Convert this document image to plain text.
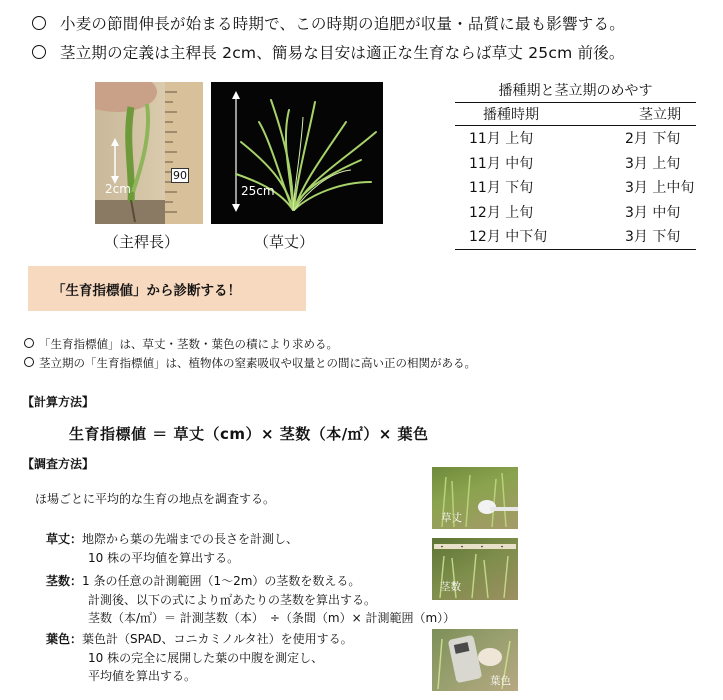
小麦の節間伸長が始まる時期で、この時期の追肥が収量・品質に最も影響する。
茎立期の定義は主稈長 2cm、簡易な目安は適正な生育ならば草丈 25cm 前後。
2cm
90
25cm
（主稈長）	（草丈）
播種期と茎立期のめやす
播種時期	茎立期
11月 上旬	2月 下旬
11月 中旬	3月 上旬
11月 下旬	3月 上中旬
12月 上旬	3月 中旬
12月 中下旬	3月 下旬
「生育指標値」から診断する！
「生育指標値」は、草丈・茎数・葉色の積により求める。
茎立期の「生育指標値」は、植物体の窒素吸収や収量との間に高い正の相関がある。
【計算方法】
生育指標値 ＝ 草丈（cm）× 茎数（本/㎡）× 葉色
【調査方法】
ほ場ごとに平均的な生育の地点を調査する。
草丈：地際から葉の先端までの長さを計測し、
10 株の平均値を算出する。
茎数：1 条の任意の計測範囲（1～2m）の茎数を数える。
計測後、以下の式により㎡あたりの茎数を算出する。
茎数（本/㎡）＝ 計測茎数（本）　÷（条間（m）× 計測範囲（m））
葉色：葉色計（SPAD、コニカミノルタ社）を使用する。
10 株の完全に展開した葉の中腹を測定し、
平均値を算出する。
草丈
茎数
葉色
